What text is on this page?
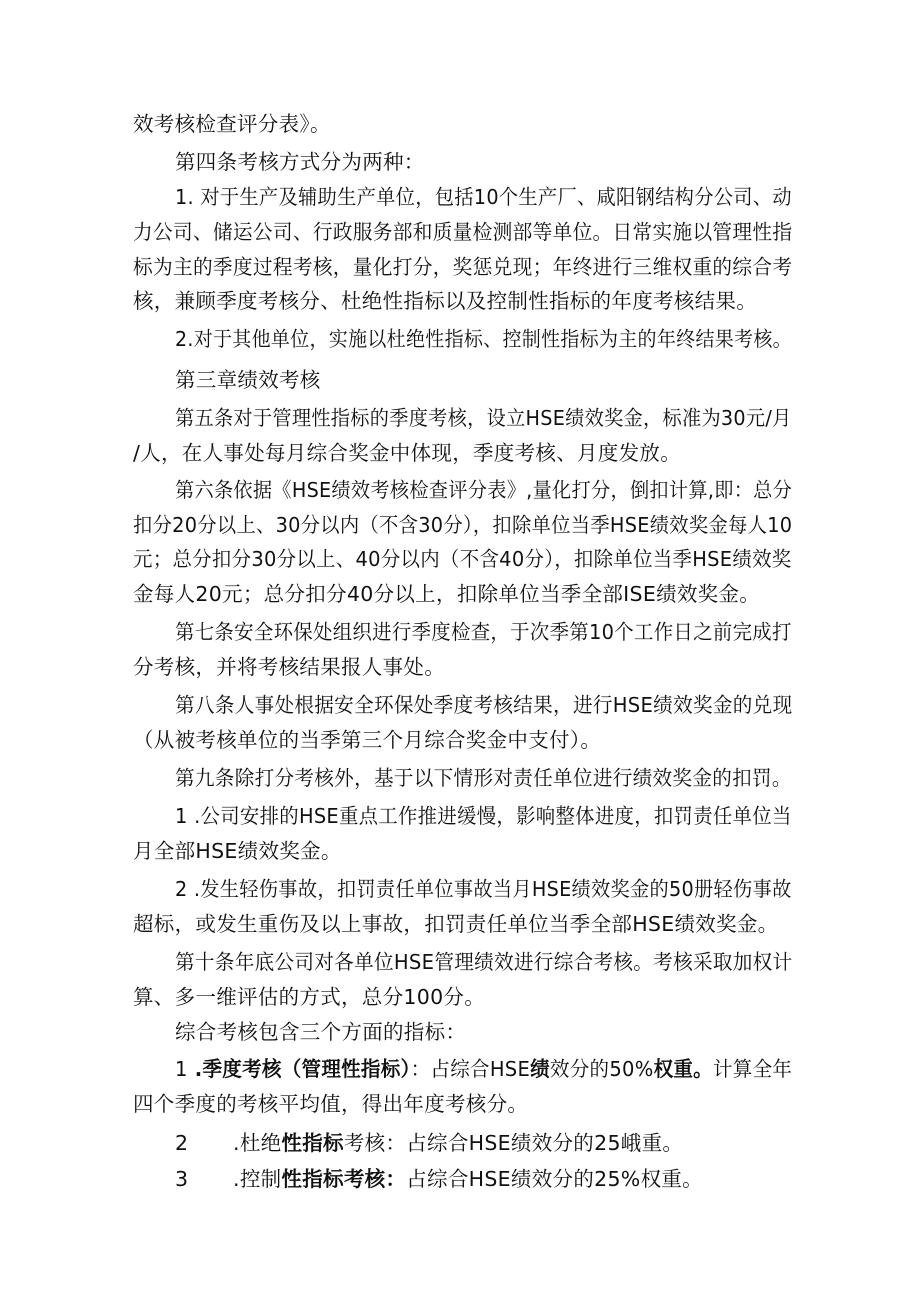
效考核检查评分表》。
第四条考核方式分为两种：
1. 对于生产及辅助生产单位，包括10个生产厂、咸阳钢结构分公司、动
力公司、储运公司、行政服务部和质量检测部等单位。日常实施以管理性指
标为主的季度过程考核，量化打分，奖惩兑现；年终进行三维权重的综合考
核，兼顾季度考核分、杜绝性指标以及控制性指标的年度考核结果。
2.对于其他单位，实施以杜绝性指标、控制性指标为主的年终结果考核。
第三章绩效考核
第五条对于管理性指标的季度考核，设立HSE绩效奖金，标准为30元/月
/人，在人事处每月综合奖金中体现，季度考核、月度发放。
第六条依据《HSE绩效考核检查评分表》,量化打分，倒扣计算,即：总分
扣分20分以上、30分以内（不含30分），扣除单位当季HSE绩效奖金每人10
元；总分扣分30分以上、40分以内（不含40分），扣除单位当季HSE绩效奖
金每人20元；总分扣分40分以上，扣除单位当季全部ISE绩效奖金。
第七条安全环保处组织进行季度检查，于次季第10个工作日之前完成打
分考核，并将考核结果报人事处。
第八条人事处根据安全环保处季度考核结果，进行HSE绩效奖金的兑现
（从被考核单位的当季第三个月综合奖金中支付）。
第九条除打分考核外，基于以下情形对责任单位进行绩效奖金的扣罚。
1 .公司安排的HSE重点工作推进缓慢，影响整体进度，扣罚责任单位当
月全部HSE绩效奖金。
2 .发生轻伤事故，扣罚责任单位事故当月HSE绩效奖金的50册轻伤事故
超标，或发生重伤及以上事故，扣罚责任单位当季全部HSE绩效奖金。
第十条年底公司对各单位HSE管理绩效进行综合考核。考核采取加权计
算、多一维评估的方式，总分100分。
综合考核包含三个方面的指标：
1 .季度考核（管理性指标）：占综合HSE绩效分的50%权重。计算全年
四个季度的考核平均值，得出年度考核分。
2 .杜绝性指标考核：占综合HSE绩效分的25峨重。
3 .控制性指标考核：占综合HSE绩效分的25%权重。
